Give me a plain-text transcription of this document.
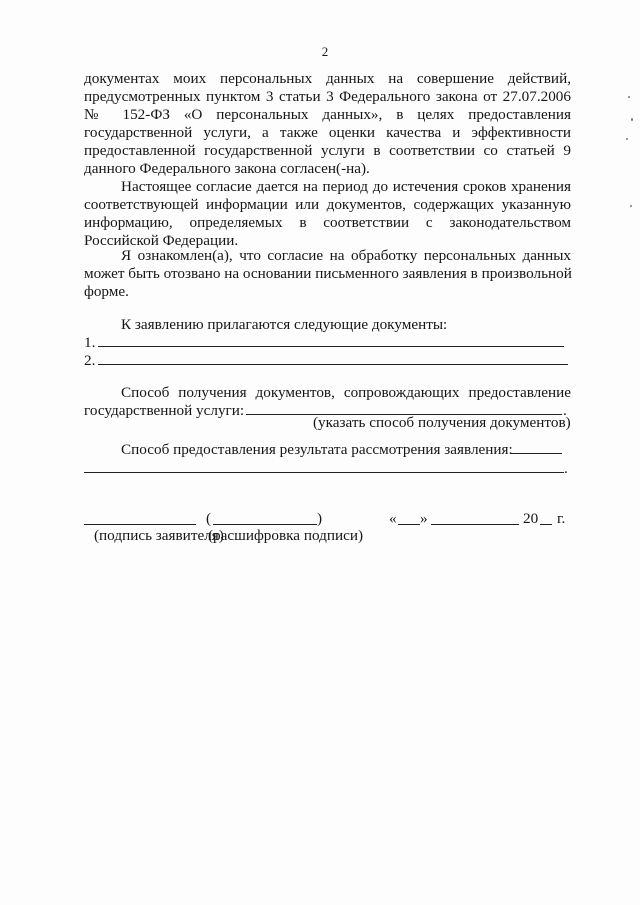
2
документах моих персональных данных на совершение действий,
предусмотренных пунктом 3 статьи 3 Федерального закона от 27.07.2006
№ 152-ФЗ «О персональных данных», в целях предоставления
государственной услуги, а также оценки качества и эффективности
предоставленной государственной услуги в соответствии со статьей 9
данного Федерального закона согласен(-на).
Настоящее согласие дается на период до истечения сроков хранения
соответствующей информации или документов, содержащих указанную
информацию, определяемых в соответствии с законодательством
Российской Федерации.
Я ознакомлен(а), что согласие на обработку персональных данных
может быть отозвано на основании письменного заявления в произвольной
форме.
К заявлению прилагаются следующие документы:
1.
2.
Способ получения документов, сопровождающих предоставление
государственной услуги:	.
(указать способ получения документов)
Способ предоставления результата рассмотрения заявления:
.
(	)	« »	20 г.
(подпись заявителя)
(расшифровка подписи)
